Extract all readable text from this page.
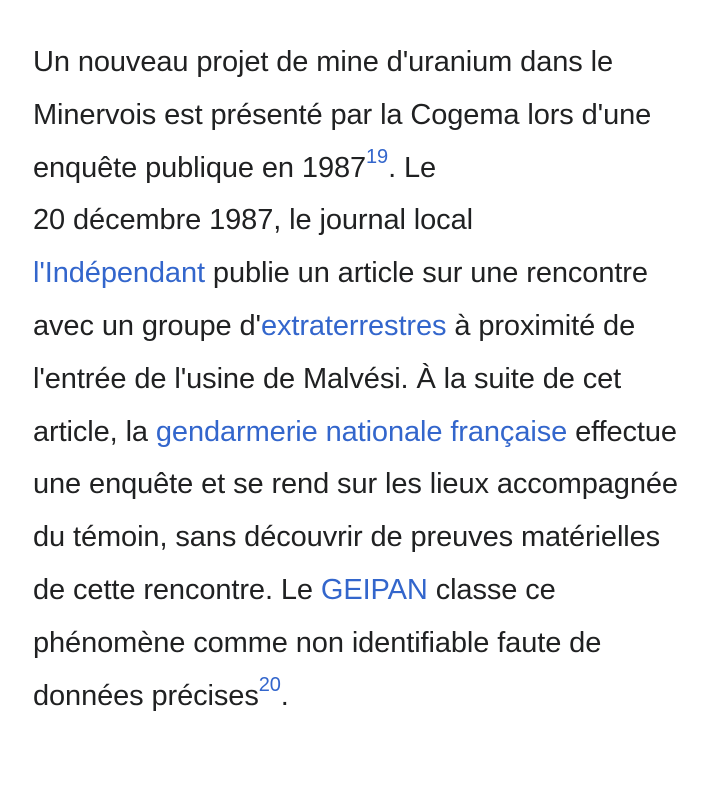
Un nouveau projet de mine d'uranium dans le Minervois est présenté par la Cogema lors d'une enquête publique en 1987$^{19}$. Le
20 décembre 1987, le journal local
l'Indépendant publie un article sur une rencontre avec un groupe d'extraterrestres à proximité de l'entrée de l'usine de Malvési. À la suite de cet article, la gendarmerie nationale française effectue une enquête et se rend sur les lieux accompagnée du témoin, sans découvrir de preuves matérielles de cette rencontre. Le GEIPAN classe ce phénomène comme non identifiable faute de données précises$^{20}$.
